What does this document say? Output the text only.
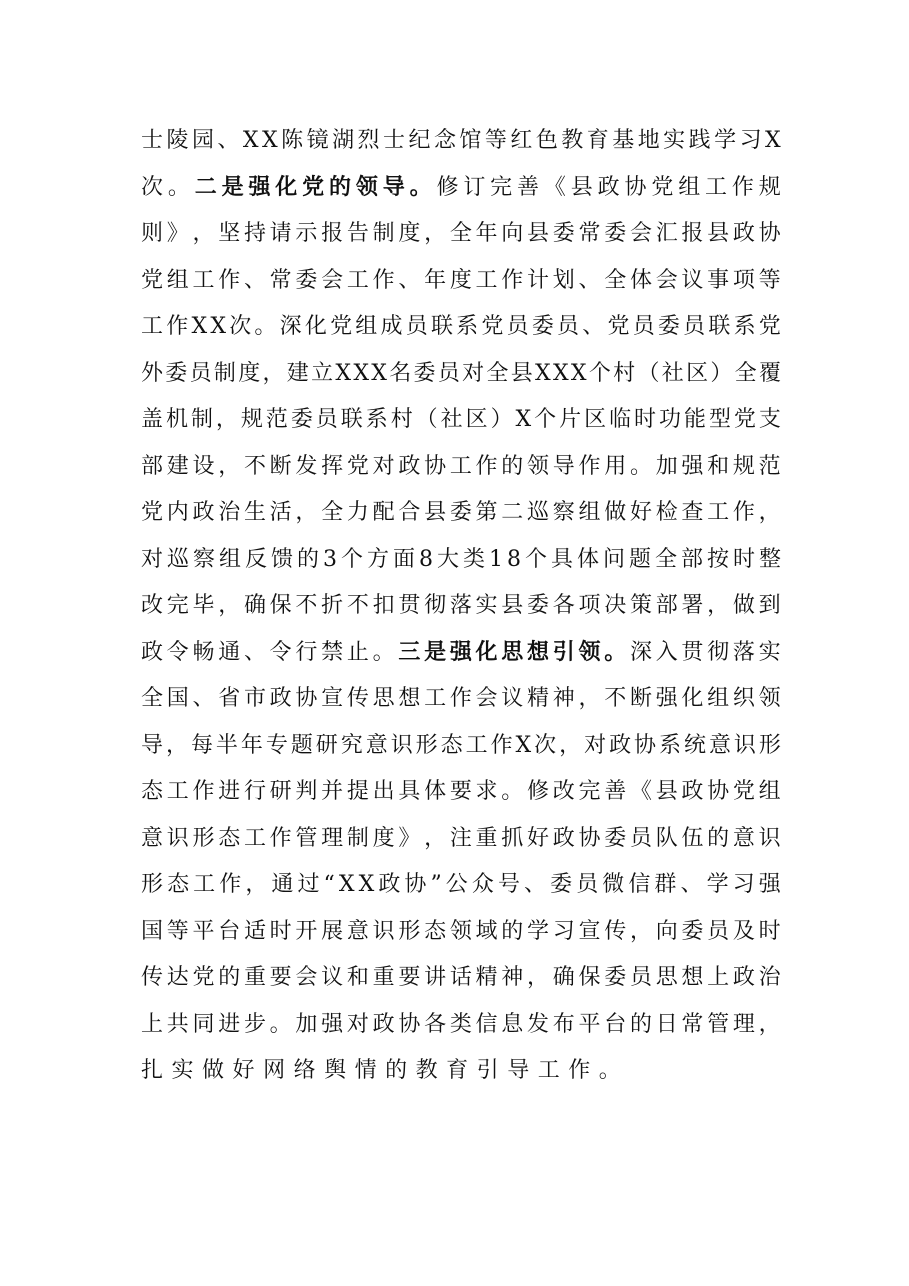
士 陵 园 、 X X 陈 镜 湖 烈 士 纪 念 馆 等 红 色 教 育 基 地 实 践 学 习 X
次 。 二 是 强 化 党 的 领 导 。 修 订 完 善 《 县 政 协 党 组 工 作 规
则 》 ， 坚 持 请 示 报 告 制 度 ， 全 年 向 县 委 常 委 会 汇 报 县 政 协
党 组 工 作 、 常 委 会 工 作 、 年 度 工 作 计 划 、 全 体 会 议 事 项 等
工 作 X X 次 。 深 化 党 组 成 员 联 系 党 员 委 员 、 党 员 委 员 联 系 党
外 委 员 制 度 ， 建 立 X X X 名 委 员 对 全 县 X X X 个 村 （ 社 区 ） 全 覆
盖 机 制 ， 规 范 委 员 联 系 村 （ 社 区 ） X 个 片 区 临 时 功 能 型 党 支
部 建 设 ， 不 断 发 挥 党 对 政 协 工 作 的 领 导 作 用 。 加 强 和 规 范
党 内 政 治 生 活 ， 全 力 配 合 县 委 第 二 巡 察 组 做 好 检 查 工 作 ，
对 巡 察 组 反 馈 的 3 个 方 面 8 大 类 1 8 个 具 体 问 题 全 部 按 时 整
改 完 毕 ， 确 保 不 折 不 扣 贯 彻 落 实 县 委 各 项 决 策 部 署 ， 做 到
政 令 畅 通 、 令 行 禁 止 。 三 是 强 化 思 想 引 领 。 深 入 贯 彻 落 实
全 国 、 省 市 政 协 宣 传 思 想 工 作 会 议 精 神 ， 不 断 强 化 组 织 领
导 ， 每 半 年 专 题 研 究 意 识 形 态 工 作 X 次 ， 对 政 协 系 统 意 识 形
态 工 作 进 行 研 判 并 提 出 具 体 要 求 。 修 改 完 善 《 县 政 协 党 组
意 识 形 态 工 作 管 理 制 度 》 ， 注 重 抓 好 政 协 委 员 队 伍 的 意 识
形 态 工 作 ， 通 过 “ X X 政 协 ” 公 众 号 、 委 员 微 信 群 、 学 习 强
国 等 平 台 适 时 开 展 意 识 形 态 领 域 的 学 习 宣 传 ， 向 委 员 及 时
传 达 党 的 重 要 会 议 和 重 要 讲 话 精 神 ， 确 保 委 员 思 想 上 政 治
上 共 同 进 步 。 加 强 对 政 协 各 类 信 息 发 布 平 台 的 日 常 管 理 ，
扎 实 做 好 网 络 舆 情 的 教 育 引 导 工 作 。
